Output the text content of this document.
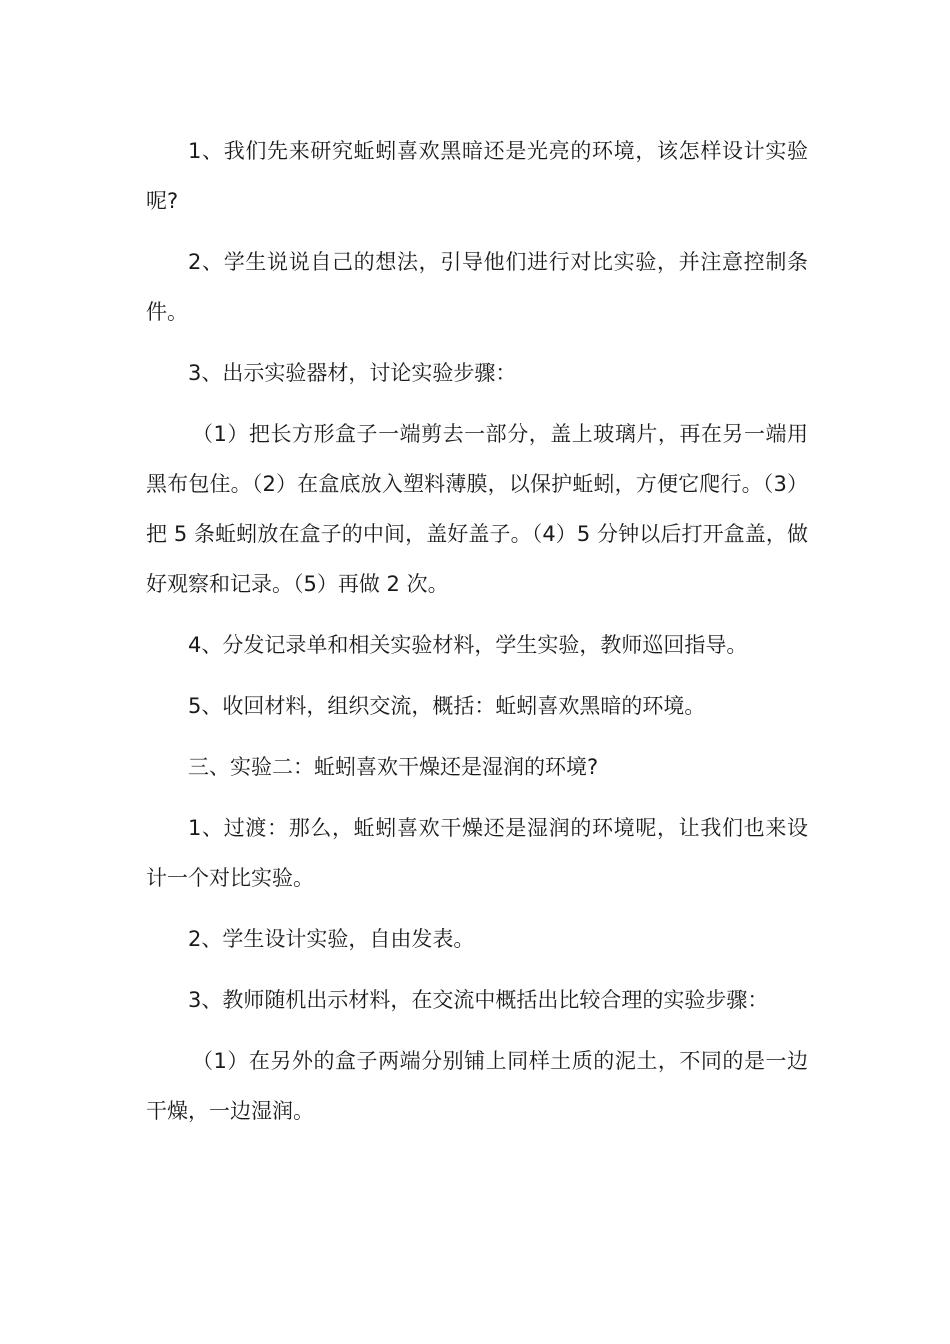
1、我们先来研究蚯蚓喜欢黑暗还是光亮的环境，该怎样设计实验呢?

2、学生说说自己的想法，引导他们进行对比实验，并注意控制条件。

3、出示实验器材，讨论实验步骤：

（1）把长方形盒子一端剪去一部分，盖上玻璃片，再在另一端用黑布包住。（2）在盒底放入塑料薄膜，以保护蚯蚓，方便它爬行。（3）把 5 条蚯蚓放在盒子的中间，盖好盖子。（4）5 分钟以后打开盒盖，做好观察和记录。（5）再做 2 次。

4、分发记录单和相关实验材料，学生实验，教师巡回指导。

5、收回材料，组织交流，概括：蚯蚓喜欢黑暗的环境。

三、实验二：蚯蚓喜欢干燥还是湿润的环境?

1、过渡：那么，蚯蚓喜欢干燥还是湿润的环境呢，让我们也来设计一个对比实验。

2、学生设计实验，自由发表。

3、教师随机出示材料，在交流中概括出比较合理的实验步骤：

（1）在另外的盒子两端分别铺上同样土质的泥土，不同的是一边干燥，一边湿润。
